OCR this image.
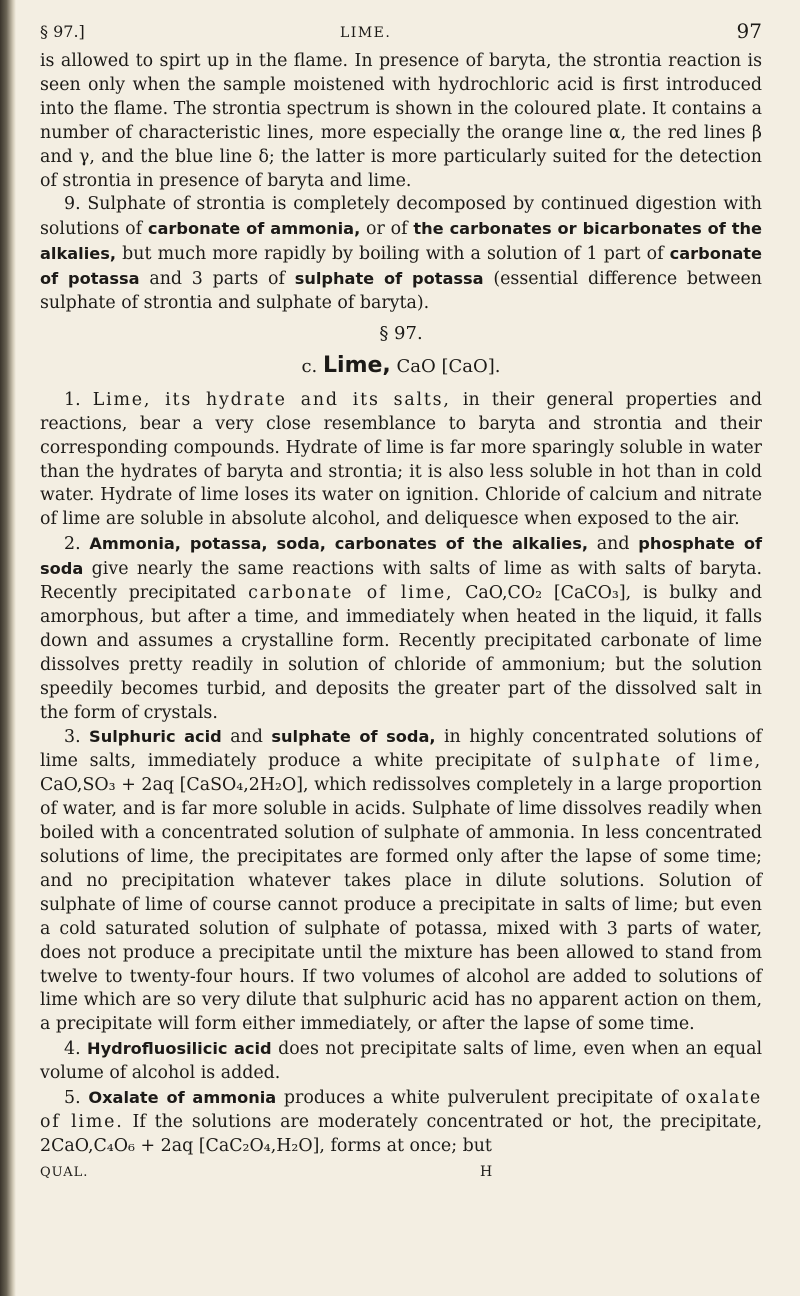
§ 97.]	LIME.	97

is allowed to spirt up in the flame. In presence of baryta, the strontia reaction is seen only when the sample moistened with hydrochloric acid is first introduced into the flame. The strontia spectrum is shown in the coloured plate. It contains a number of characteristic lines, more especially the orange line α, the red lines β and γ, and the blue line δ; the latter is more particularly suited for the detection of strontia in presence of baryta and lime.

9. Sulphate of strontia is completely decomposed by continued digestion with solutions of carbonate of ammonia, or of the carbonates or bicarbonates of the alkalies, but much more rapidly by boiling with a solution of 1 part of carbonate of potassa and 3 parts of sulphate of potassa (essential difference between sulphate of strontia and sulphate of baryta).

§ 97.

c. Lime, CaO [CaO].

1. Lime, its hydrate and its salts, in their general properties and reactions, bear a very close resemblance to baryta and strontia and their corresponding compounds. Hydrate of lime is far more sparingly soluble in water than the hydrates of baryta and strontia; it is also less soluble in hot than in cold water. Hydrate of lime loses its water on ignition. Chloride of calcium and nitrate of lime are soluble in absolute alcohol, and deliquesce when exposed to the air.

2. Ammonia, potassa, soda, carbonates of the alkalies, and phosphate of soda give nearly the same reactions with salts of lime as with salts of baryta. Recently precipitated carbonate of lime, CaO,CO₂ [CaCO₃], is bulky and amorphous, but after a time, and immediately when heated in the liquid, it falls down and assumes a crystalline form. Recently precipitated carbonate of lime dissolves pretty readily in solution of chloride of ammonium; but the solution speedily becomes turbid, and deposits the greater part of the dissolved salt in the form of crystals.

3. Sulphuric acid and sulphate of soda, in highly concentrated solutions of lime salts, immediately produce a white precipitate of sulphate of lime, CaO,SO₃ + 2aq [CaSO₄,2H₂O], which redissolves completely in a large proportion of water, and is far more soluble in acids. Sulphate of lime dissolves readily when boiled with a concentrated solution of sulphate of ammonia. In less concentrated solutions of lime, the precipitates are formed only after the lapse of some time; and no precipitation whatever takes place in dilute solutions. Solution of sulphate of lime of course cannot produce a precipitate in salts of lime; but even a cold saturated solution of sulphate of potassa, mixed with 3 parts of water, does not produce a precipitate until the mixture has been allowed to stand from twelve to twenty-four hours. If two volumes of alcohol are added to solutions of lime which are so very dilute that sulphuric acid has no apparent action on them, a precipitate will form either immediately, or after the lapse of some time.

4. Hydrofluosilicic acid does not precipitate salts of lime, even when an equal volume of alcohol is added.

5. Oxalate of ammonia produces a white pulverulent precipitate of oxalate of lime. If the solutions are moderately concentrated or hot, the precipitate, 2CaO,C₄O₆ + 2aq [CaC₂O₄,H₂O], forms at once; but

QUAL.	H
